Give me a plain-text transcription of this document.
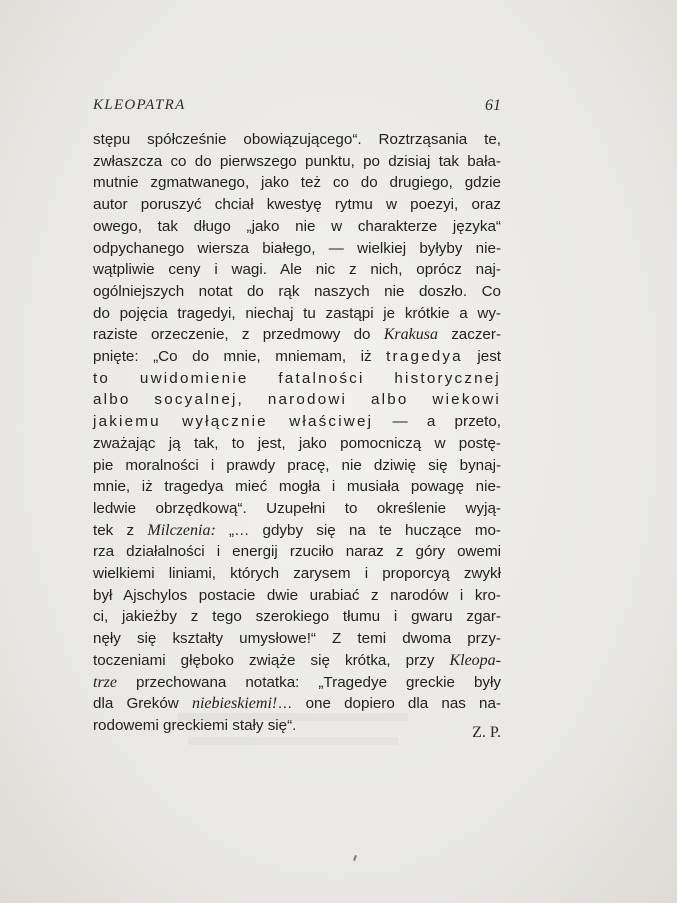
KLEOPATRA	61
stępu spółcześnie obowiązującego“. Roztrząsania te,
zwłaszcza co do pierwszego punktu, po dzisiaj tak bała-
mutnie zgmatwanego, jako też co do drugiego, gdzie
autor poruszyć chciał kwestyę rytmu w poezyi, oraz
owego, tak długo „jako nie w charakterze języka“
odpychanego wiersza białego, — wielkiej byłyby nie-
wątpliwie ceny i wagi. Ale nic z nich, oprócz naj-
ogólniejszych notat do rąk naszych nie doszło. Co
do pojęcia tragedyi, niechaj tu zastąpi je krótkie a wy-
raziste orzeczenie, z przedmowy do Krakusa zaczer-
pnięte: „Co do mnie, mniemam, iż tragedya jest
to uwidomienie fatalności historycznej
albo socyalnej, narodowi albo wiekowi
jakiemu wyłącznie właściwej — a przeto,
zważając ją tak, to jest, jako pomocniczą w postę-
pie moralności i prawdy pracę, nie dziwię się bynaj-
mnie, iż tragedya mieć mogła i musiała powagę nie-
ledwie obrzędkową“. Uzupełni to określenie wyją-
tek z Milczenia: „… gdyby się na te huczące mo-
rza działalności i energij rzuciło naraz z góry owemi
wielkiemi liniami, których zarysem i proporcyą zwykł
był Ajschylos postacie dwie urabiać z narodów i kro-
ci, jakieżby z tego szerokiego tłumu i gwaru zgar-
nęły się kształty umysłowe!“ Z temi dwoma przy-
toczeniami głęboko zwiąże się krótka, przy Kleopa-
trze przechowana notatka: „Tragedye greckie były
dla Greków niebieskiemi!… one dopiero dla nas na-
rodowemi greckiemi stały się“.	Z. P.
